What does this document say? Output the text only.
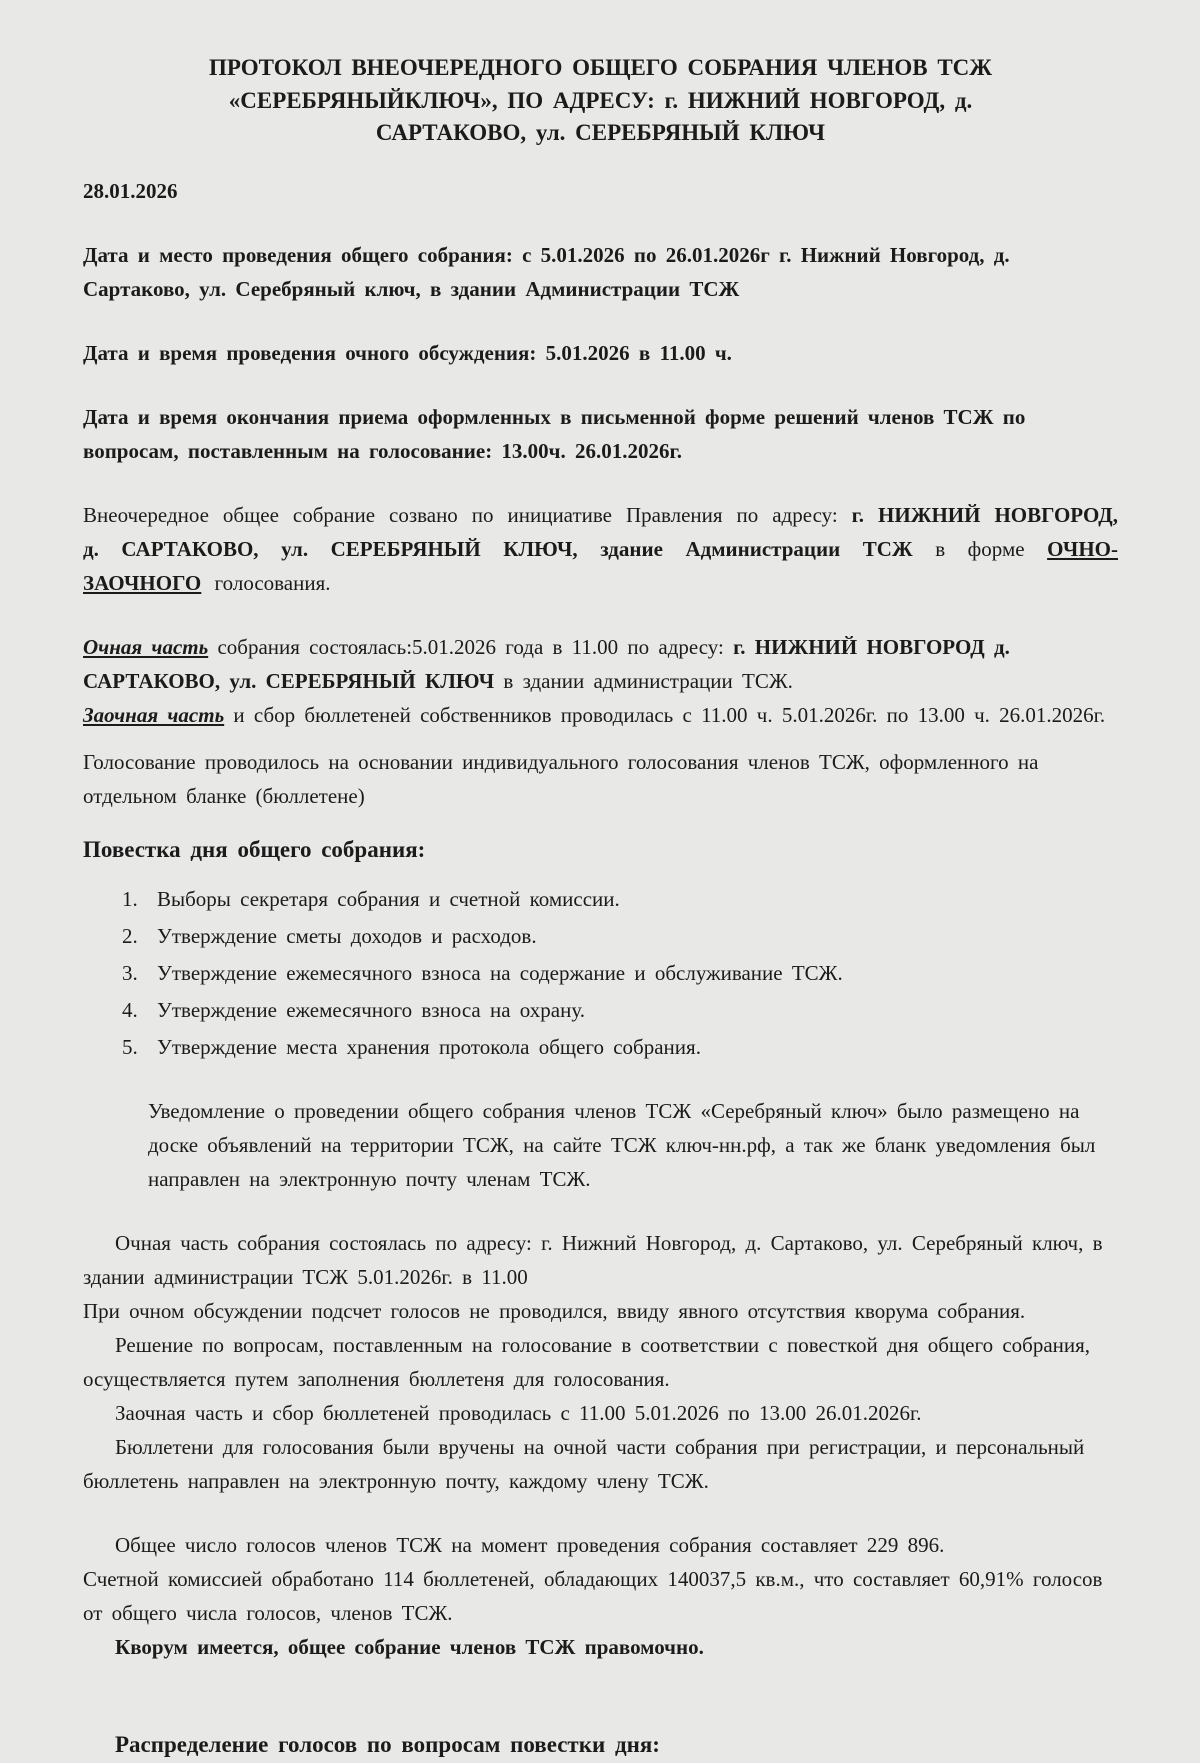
ПРОТОКОЛ ВНЕОЧЕРЕДНОГО ОБЩЕГО СОБРАНИЯ ЧЛЕНОВ ТСЖ «СЕРЕБРЯНЫЙКЛЮЧ», ПО АДРЕСУ: г. НИЖНИЙ НОВГОРОД, д. САРТАКОВО, ул. СЕРЕБРЯНЫЙ КЛЮЧ

28.01.2026

Дата и место проведения общего собрания: с 5.01.2026 по 26.01.2026г г. Нижний Новгород, д. Сартаково, ул. Серебряный ключ, в здании Администрации ТСЖ

Дата и время проведения очного обсуждения: 5.01.2026 в 11.00 ч.

Дата и время окончания приема оформленных в письменной форме решений членов ТСЖ по вопросам, поставленным на голосование: 13.00ч. 26.01.2026г.

Внеочередное общее собрание созвано по инициативе Правления по адресу: г. НИЖНИЙ НОВГОРОД, д. САРТАКОВО, ул. СЕРЕБРЯНЫЙ КЛЮЧ, здание Администрации ТСЖ в форме ОЧНО-ЗАОЧНОГО голосования.

Очная часть собрания состоялась:5.01.2026 года в 11.00 по адресу: г. НИЖНИЙ НОВГОРОД д. САРТАКОВО, ул. СЕРЕБРЯНЫЙ КЛЮЧ в здании администрации ТСЖ.

Заочная часть и сбор бюллетеней собственников проводилась с 11.00 ч. 5.01.2026г. по 13.00 ч. 26.01.2026г.

Голосование проводилось на основании индивидуального голосования членов ТСЖ, оформленного на отдельном бланке (бюллетене)

Повестка дня общего собрания:
1. Выборы секретаря собрания и счетной комиссии.
2. Утверждение сметы доходов и расходов.
3. Утверждение ежемесячного взноса на содержание и обслуживание ТСЖ.
4. Утверждение ежемесячного взноса на охрану.
5. Утверждение места хранения протокола общего собрания.

Уведомление о проведении общего собрания членов ТСЖ «Серебряный ключ» было размещено на доске объявлений на территории ТСЖ, на сайте ТСЖ ключ-нн.рф, а так же бланк уведомления был направлен на электронную почту членам ТСЖ.

Очная часть собрания состоялась по адресу: г. Нижний Новгород, д. Сартаково, ул. Серебряный ключ, в здании администрации ТСЖ 5.01.2026г. в 11.00

При очном обсуждении подсчет голосов не проводился, ввиду явного отсутствия кворума собрания.

Решение по вопросам, поставленным на голосование в соответствии с повесткой дня общего собрания, осуществляется путем заполнения бюллетеня для голосования.

Заочная часть и сбор бюллетеней проводилась с 11.00 5.01.2026 по 13.00 26.01.2026г.

Бюллетени для голосования были вручены на очной части собрания при регистрации, и персональный бюллетень направлен на электронную почту, каждому члену ТСЖ.

Общее число голосов членов ТСЖ на момент проведения собрания составляет 229 896.

Счетной комиссией обработано 114 бюллетеней, обладающих 140037,5 кв.м., что составляет 60,91% голосов от общего числа голосов, членов ТСЖ.

Кворум имеется, общее собрание членов ТСЖ правомочно.

Распределение голосов по вопросам повестки дня:
